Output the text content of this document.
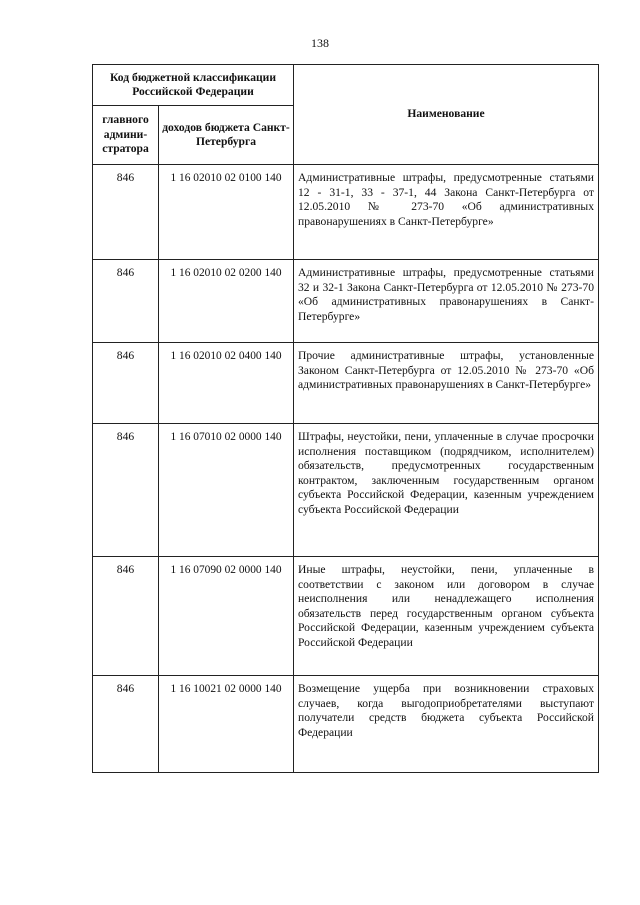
138
Код бюджетной классификации Российской Федерации		Наименование
главного админи-стратора	доходов бюджета Санкт-Петербурга	
846	1 16 02010 02 0100 140	Административные штрафы, предусмотренные статьями 12 - 31-1, 33 - 37-1, 44 Закона Санкт-Петербурга от 12.05.2010 № 273-70 «Об административных правонарушениях в Санкт-Петербурге»
846	1 16 02010 02 0200 140	Административные штрафы, предусмотренные статьями 32 и 32-1 Закона Санкт-Петербурга от 12.05.2010 № 273-70 «Об административных правонарушениях в Санкт-Петербурге»
846	1 16 02010 02 0400 140	Прочие административные штрафы, установленные Законом Санкт-Петербурга от 12.05.2010 № 273-70 «Об административных правонарушениях в Санкт-Петербурге»
846	1 16 07010 02 0000 140	Штрафы, неустойки, пени, уплаченные в случае просрочки исполнения поставщиком (подрядчиком, исполнителем) обязательств, предусмотренных государственным контрактом, заключенным государственным органом субъекта Российской Федерации, казенным учреждением субъекта Российской Федерации
846	1 16 07090 02 0000 140	Иные штрафы, неустойки, пени, уплаченные в соответствии с законом или договором в случае неисполнения или ненадлежащего исполнения обязательств перед государственным органом субъекта Российской Федерации, казенным учреждением субъекта Российской Федерации
846	1 16 10021 02 0000 140	Возмещение ущерба при возникновении страховых случаев, когда выгодоприобретателями выступают получатели средств бюджета субъекта Российской Федерации
